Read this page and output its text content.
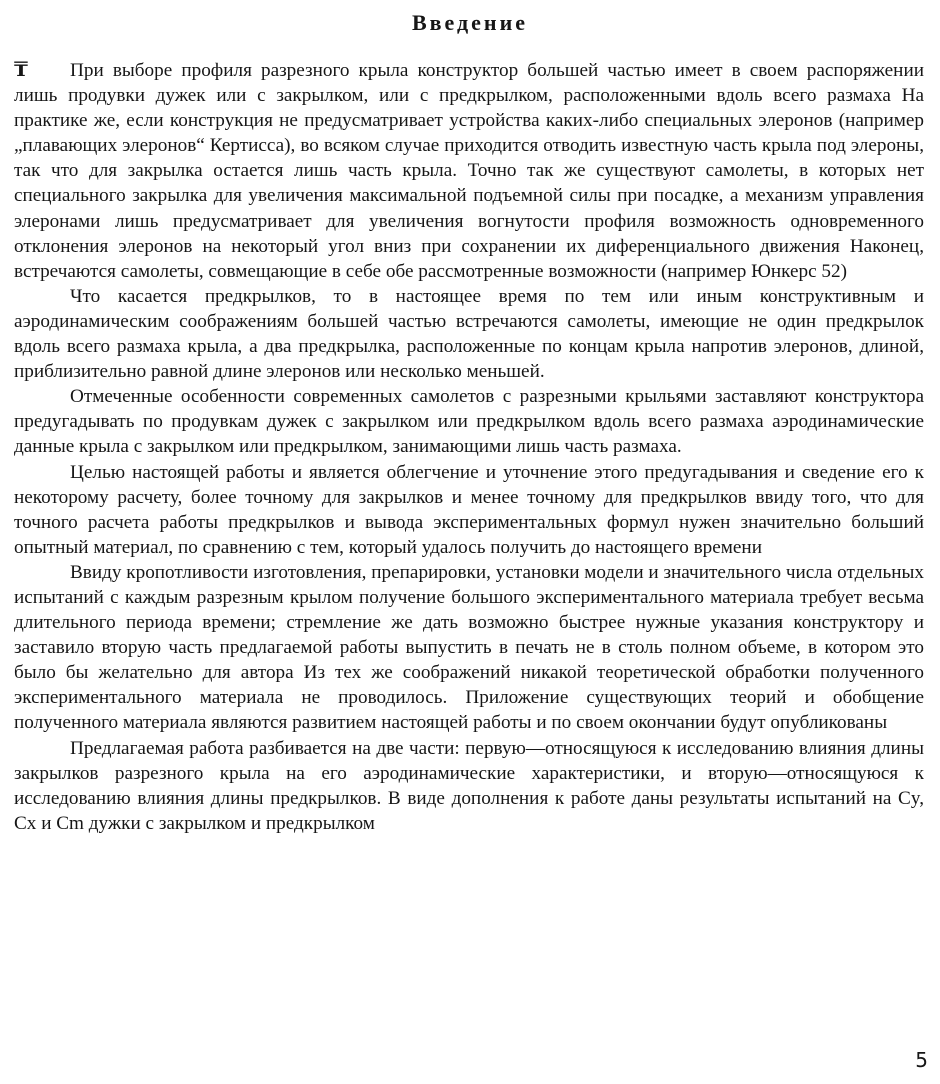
Введение

₸ При выборе профиля разрезного крыла конструктор большей частью имеет в своем распоряжении лишь продувки дужек или с закрылком, или с предкрылком, расположенными вдоль всего размаха На практике же, если конструкция не предусматривает устройства каких-либо специальных элеронов (например „плавающих элеронов“ Кертисса), во всяком случае приходится отводить известную часть крыла под элероны, так что для закрылка остается лишь часть крыла. Точно так же существуют самолеты, в которых нет специального закрылка для увеличения максимальной подъемной силы при посадке, а механизм управления элеронами лишь предусматривает для увеличения вогнутости профиля возможность одновременного отклонения элеронов на некоторый угол вниз при сохранении их диференциального движения Наконец, встречаются самолеты, совмещающие в себе обе рассмотренные возможности (например Юнкерс 52)

Что касается предкрылков, то в настоящее время по тем или иным конструктивным и аэродинамическим соображениям большей частью встречаются самолеты, имеющие не один предкрылок вдоль всего размаха крыла, а два предкрылка, расположенные по концам крыла напротив элеронов, длиной, приблизительно равной длине элеронов или несколько меньшей.

Отмеченные особенности современных самолетов с разрезными крыльями заставляют конструктора предугадывать по продувкам дужек с закрылком или предкрылком вдоль всего размаха аэродинамические данные крыла с закрылком или предкрылком, занимающими лишь часть размаха.

Целью настоящей работы и является облегчение и уточнение этого предугадывания и сведение его к некоторому расчету, более точному для закрылков и менее точному для предкрылков ввиду того, что для точного расчета работы предкрылков и вывода экспериментальных формул нужен значительно больший опытный материал, по сравнению с тем, который удалось получить до настоящего времени

Ввиду кропотливости изготовления, препарировки, установки модели и значительного числа отдельных испытаний с каждым разрезным крылом получение большого экспериментального материала требует весьма длительного периода времени; стремление же дать возможно быстрее нужные указания конструктору и заставило вторую часть предлагаемой работы выпустить в печать не в столь полном объеме, в котором это было бы желательно для автора Из тех же соображений никакой теоретической обработки полученного экспериментального материала не проводилось. Приложение существующих теорий и обобщение полученного материала являются развитием настоящей работы и по своем окончании будут опубликованы

Предлагаемая работа разбивается на две части: первую—относящуюся к исследованию влияния длины закрылков разрезного крыла на его аэродинамические характеристики, и вторую—относящуюся к исследованию влияния длины предкрылков. В виде дополнения к работе даны результаты испытаний на Cy, Cx и Cm дужки с закрылком и предкрылком

5
